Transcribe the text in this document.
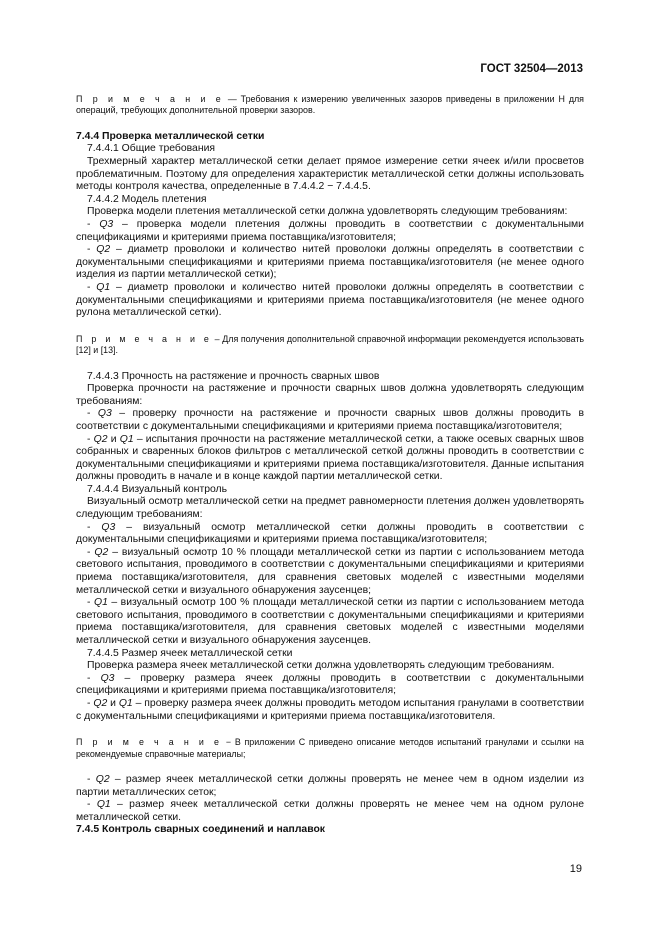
ГОСТ 32504—2013

П р и м е ч а н и е — Требования к измерению увеличенных зазоров приведены в приложении Н для операций, требующих дополнительной проверки зазоров.

7.4.4 Проверка металлической сетки

7.4.4.1 Общие требования

Трехмерный характер металлической сетки делает прямое измерение сетки ячеек и/или просветов проблематичным. Поэтому для определения характеристик металлической сетки должны использовать методы контроля качества, определенные в 7.4.4.2 − 7.4.4.5.

7.4.4.2 Модель плетения

Проверка модели плетения металлической сетки должна удовлетворять следующим требованиям:

- Q3 – проверка модели плетения должны проводить в соответствии с документальными спецификациями и критериями приема поставщика/изготовителя;

- Q2 – диаметр проволоки и количество нитей проволоки должны определять в соответствии с документальными спецификациями и критериями приема поставщика/изготовителя (не менее одного изделия из партии металлической сетки);

- Q1 – диаметр проволоки и количество нитей проволоки должны определять в соответствии с документальными спецификациями и критериями приема поставщика/изготовителя (не менее одного рулона металлической сетки).

П р и м е ч а н и е – Для получения дополнительной справочной информации рекомендуется использовать [12] и [13].

7.4.4.3 Прочность на растяжение и прочность сварных швов

Проверка прочности на растяжение и прочности сварных швов должна удовлетворять следующим требованиям:

- Q3 – проверку прочности на растяжение и прочности сварных швов должны проводить в соответствии с документальными спецификациями и критериями приема поставщика/изготовителя;

- Q2 и Q1 – испытания прочности на растяжение металлической сетки, а также осевых сварных швов собранных и сваренных блоков фильтров с металлической сеткой должны проводить в соответствии с документальными спецификациями и критериями приема поставщика/изготовителя. Данные испытания должны проводить в начале и в конце каждой партии металлической сетки.

7.4.4.4 Визуальный контроль

Визуальный осмотр металлической сетки на предмет равномерности плетения должен удовлетворять следующим требованиям:

- Q3 – визуальный осмотр металлической сетки должны проводить в соответствии с документальными спецификациями и критериями приема поставщика/изготовителя;

- Q2 – визуальный осмотр 10 % площади металлической сетки из партии с использованием метода светового испытания, проводимого в соответствии с документальными спецификациями и критериями приема поставщика/изготовителя, для сравнения световых моделей с известными моделями металлической сетки и визуального обнаружения заусенцев;

- Q1 – визуальный осмотр 100 % площади металлической сетки из партии с использованием метода светового испытания, проводимого в соответствии с документальными спецификациями и критериями приема поставщика/изготовителя, для сравнения световых моделей с известными моделями металлической сетки и визуального обнаружения заусенцев.

7.4.4.5 Размер ячеек металлической сетки

Проверка размера ячеек металлической сетки должна удовлетворять следующим требованиям.

- Q3 – проверку размера ячеек должны проводить в соответствии с документальными спецификациями и критериями приема поставщика/изготовителя;

- Q2 и Q1 – проверку размера ячеек должны проводить методом испытания гранулами в соответствии с документальными спецификациями и критериями приема поставщика/изготовителя.

П р и м е ч а н и е − В приложении С приведено описание методов испытаний гранулами и ссылки на рекомендуемые справочные материалы;

- Q2 – размер ячеек металлической сетки должны проверять не менее чем в одном изделии из партии металлических сеток;

- Q1 – размер ячеек металлической сетки должны проверять не менее чем на одном рулоне металлической сетки.

7.4.5 Контроль сварных соединений и наплавок

19
